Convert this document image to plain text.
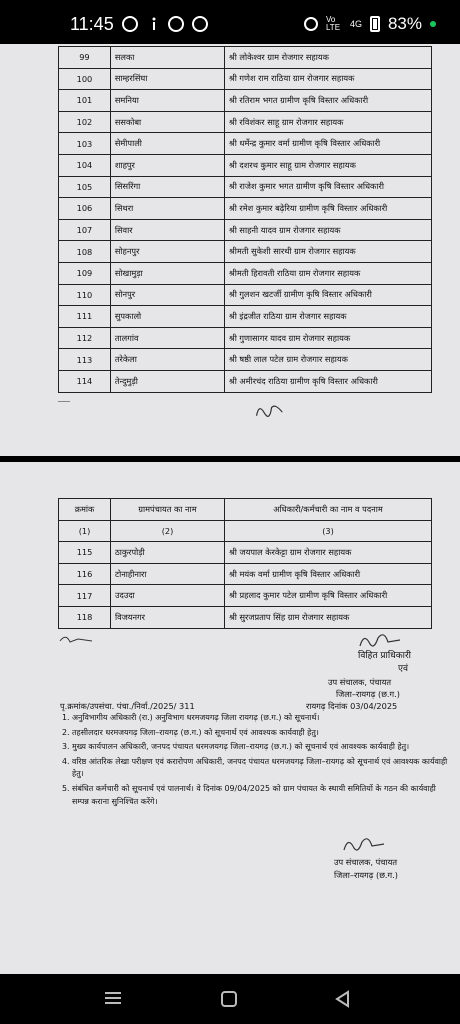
11:45	Vo LTE 4G 83%
99	सलका	श्री लोकेश्वर ग्राम रोजगार सहायक
100	साम्हरसिंघा	श्री गणेश राम राठिया ग्राम रोजगार सहायक
101	समनिया	श्री रतिराम भगत ग्रामीण कृषि विस्तार अधिकारी
102	ससकोबा	श्री रविशंकर साहू ग्राम रोजगार सहायक
103	सेमीपाली	श्री धर्मेन्द्र कुमार वर्मा ग्रामीण कृषि विस्तार अधिकारी
104	शाहपुर	श्री दशरथ कुमार साहू ग्राम रोजगार सहायक
105	सिसरिंगा	श्री राजेश कुमार भगत ग्रामीण कृषि विस्तार अधिकारी
106	सिथरा	श्री रमेश कुमार बढ़ेरिया ग्रामीण कृषि विस्तार अधिकारी
107	सिवार	श्री साहनी यादव ग्राम रोजगार सहायक
108	सोहनपुर	श्रीमती सुकेशी सारथी ग्राम रोजगार सहायक
109	सोखामुड़ा	श्रीमती हिरावती राठिया ग्राम रोजगार सहायक
110	सोनपुर	श्री गुलशन खटर्जी ग्रामीण कृषि विस्तार अधिकारी
111	सुपकालो	श्री इंद्रजीत राठिया ग्राम रोजगार सहायक
112	तालगांव	श्री गुणासागर यादव ग्राम रोजगार सहायक
113	तरेकेला	श्री षष्ठी लाल पटेल ग्राम रोजगार सहायक
114	तेन्दुमुड़ी	श्री अमीरचंद राठिया ग्रामीण कृषि विस्तार अधिकारी
क्रमांक	ग्रामपंचायत का नाम	अधिकारी/कर्मचारी का नाम व पदनाम
(1)	(2)	(3)
115	ठाकुरपोड़ी	श्री जयपाल केरकेट्टा ग्राम रोजगार सहायक
116	टोनाहीनारा	श्री मयंक वर्मा ग्रामीण कृषि विस्तार अधिकारी
117	उदउदा	श्री प्रहलाद कुमार पटेल ग्रामीण कृषि विस्तार अधिकारी
118	विजयनगर	श्री सुरजप्रताप सिंह ग्राम रोजगार सहायक
विहित प्राधिकारी
एवं
उप संचालक, पंचायत
जिला–रायगढ़ (छ.ग.)
पृ.क्रमांक/उपसंचा. पंचा./निर्वा./2025/ 311	रायगढ़ दिनांक 03/04/2025
1. अनुविभागीय अधिकारी (रा.) अनुविभाग धरमजयगढ़ जिला रायगढ़ (छ.ग.) को सूचनार्थ।
2. तहसीलदार धरमजयगढ़ जिला–रायगढ़ (छ.ग.) को सूचनार्थ एवं आवश्यक कार्यवाही हेतु।
3. मुख्य कार्यपालन अधिकारी, जनपद पंचायत धरमजयगढ़ जिला–रायगढ़ (छ.ग.) को सूचनार्थ एवं आवश्यक कार्यवाही हेतु।
4. वरिष्ठ आंतरिक लेखा परीक्षण एवं करारोपण अधिकारी, जनपद पंचायत धरमजयगढ़ जिला–रायगढ़ को सूचनार्थ एवं आवश्यक कार्यवाही हेतु।
5. संबंधित कर्मचारी को सूचनार्थ एवं पालनार्थ। वे दिनांक 09/04/2025 को ग्राम पंचायत के स्थायी समितियों के गठन की कार्यवाही सम्पन्न कराना सुनिश्चित करेंगे।
उप संचालक, पंचायत
जिला–रायगढ़ (छ.ग.)
